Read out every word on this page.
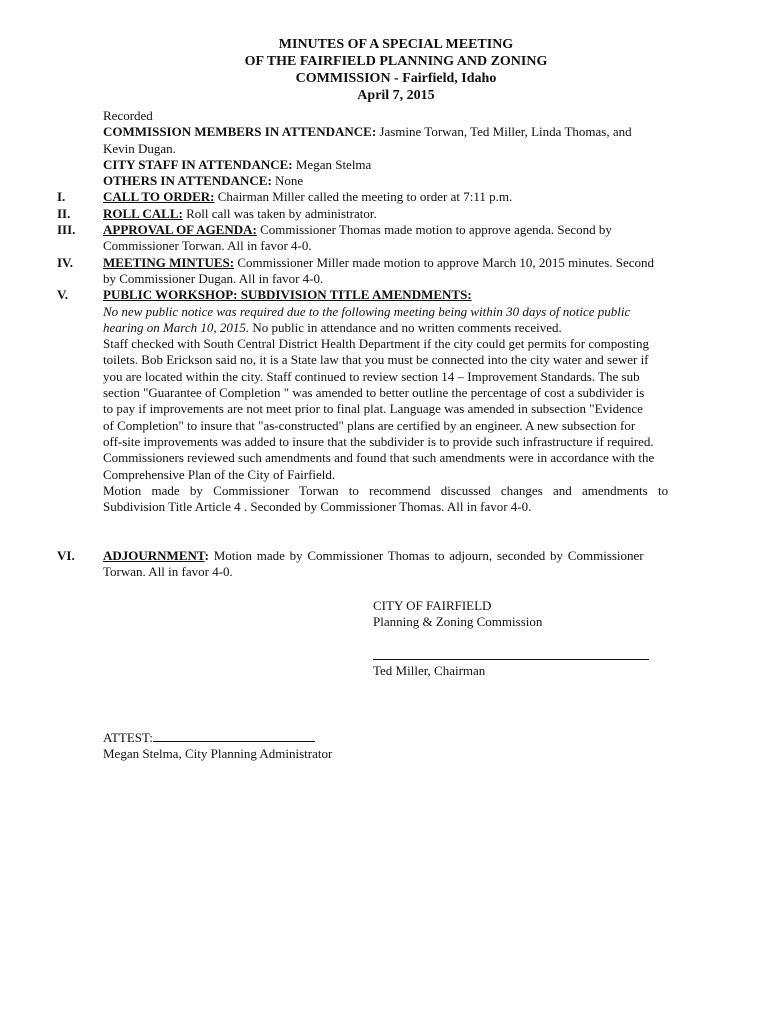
MINUTES OF A SPECIAL MEETING
OF THE FAIRFIELD PLANNING AND ZONING
COMMISSION - Fairfield, Idaho
April 7, 2015
Recorded
COMMISSION MEMBERS IN ATTENDANCE: Jasmine Torwan, Ted Miller, Linda Thomas, and
Kevin Dugan.
CITY STAFF IN ATTENDANCE: Megan Stelma
OTHERS IN ATTENDANCE: None
I.	CALL TO ORDER: Chairman Miller called the meeting to order at 7:11 p.m.
II.	ROLL CALL: Roll call was taken by administrator.
III. APPROVAL OF AGENDA: Commissioner Thomas made motion to approve agenda. Second by
Commissioner Torwan. All in favor 4-0.
IV. MEETING MINTUES: Commissioner Miller made motion to approve March 10, 2015 minutes. Second
by Commissioner Dugan. All in favor 4-0.
V.	PUBLIC WORKSHOP: SUBDIVISION TITLE AMENDMENTS:
No new public notice was required due to the following meeting being within 30 days of notice public
hearing on March 10, 2015. No public in attendance and no written comments received.
Staff checked with South Central District Health Department if the city could get permits for composting
toilets. Bob Erickson said no, it is a State law that you must be connected into the city water and sewer if
you are located within the city. Staff continued to review section 14 – Improvement Standards. The sub
section "Guarantee of Completion " was amended to better outline the percentage of cost a subdivider is
to pay if improvements are not meet prior to final plat. Language was amended in subsection "Evidence
of Completion" to insure that "as-constructed" plans are certified by an engineer. A new subsection for
off-site improvements was added to insure that the subdivider is to provide such infrastructure if required.
Commissioners reviewed such amendments and found that such amendments were in accordance with the
Comprehensive Plan of the City of Fairfield.
Motion made by Commissioner Torwan to recommend discussed changes and amendments to
Subdivision Title Article 4 . Seconded by Commissioner Thomas. All in favor 4-0.
VI. ADJOURNMENT: Motion made by Commissioner Thomas to adjourn, seconded by Commissioner
Torwan. All in favor 4-0.
CITY OF FAIRFIELD
Planning & Zoning Commission
Ted Miller, Chairman
ATTEST:
Megan Stelma, City Planning Administrator
